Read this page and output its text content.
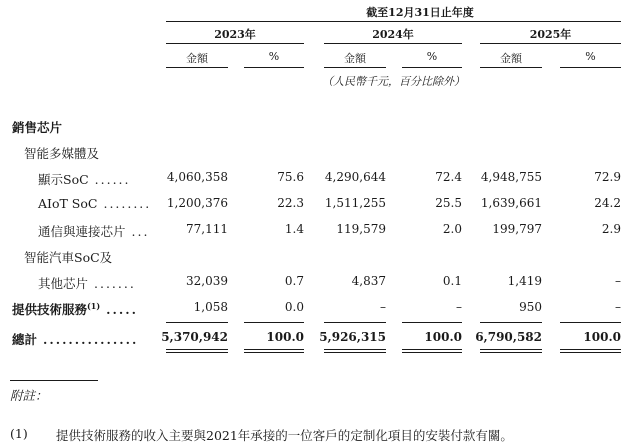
截至12月31日止年度
2023年	2024年	2025年
金額	%	金額	%	金額	%
（人民幣千元，百分比除外）
銷售芯片
智能多媒體及
顯示SoC ......	4,060,358	75.6	4,290,644	72.4	4,948,755	72.9
AIoT SoC ........	1,200,376	22.3	1,511,255	25.5	1,639,661	24.2
通信與連接芯片 ...	77,111	1.4	119,579	2.0	199,797	2.9
智能汽車SoC及
其他芯片 .......	32,039	0.7	4,837	0.1	1,419	–
提供技術服務$^{(1)}$ .....	1,058	0.0	–	–	950	–
總計 ...............	5,370,942	100.0	5,926,315	100.0	6,790,582	100.0
附註：
(1) 提供技術服務的收入主要與2021年承接的一位客戶的定制化項目的安裝付款有關。
